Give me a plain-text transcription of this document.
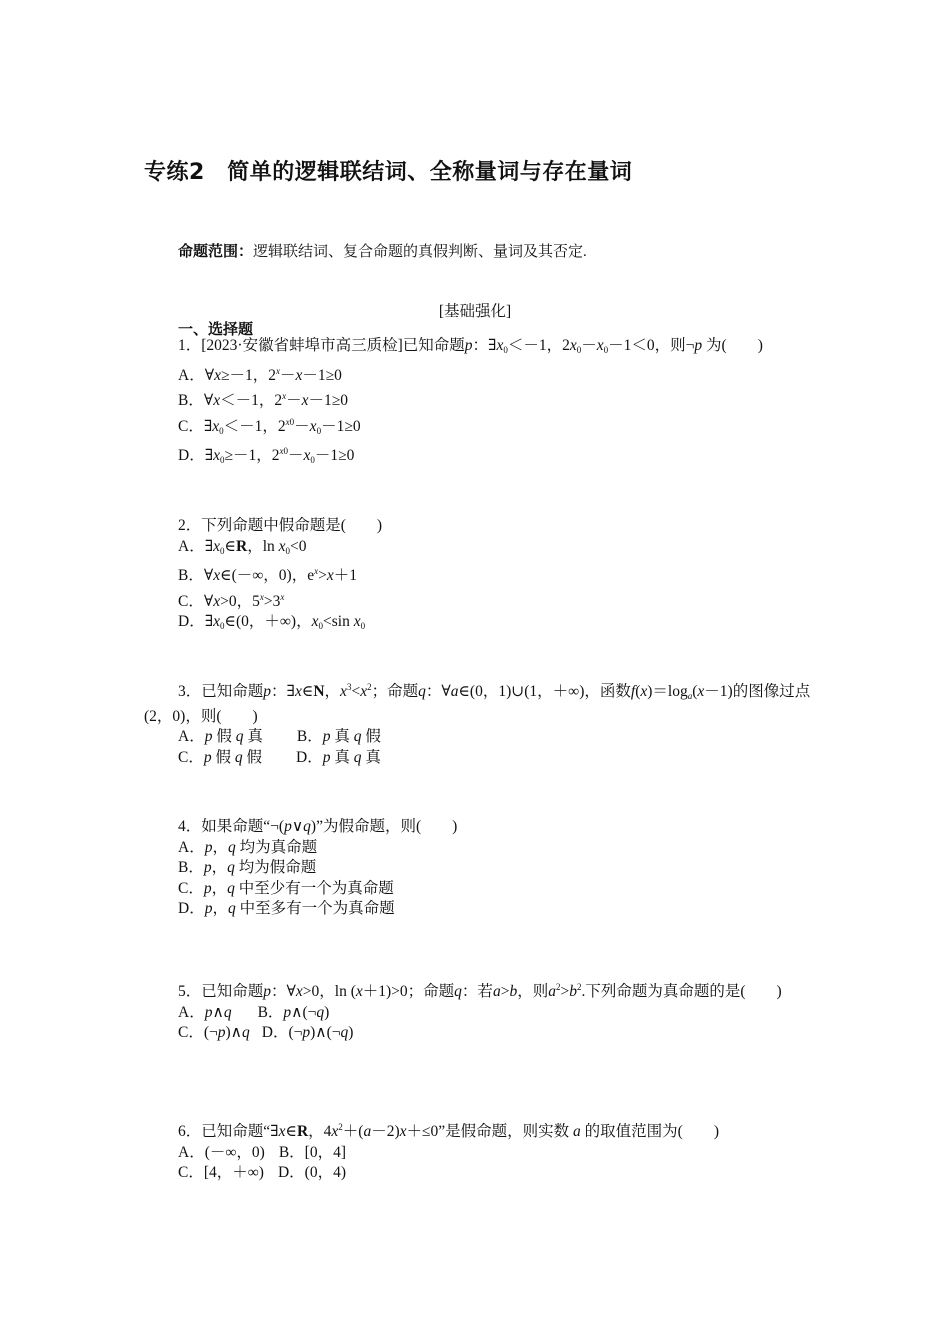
专练2　简单的逻辑联结词、全称量词与存在量词
命题范围：逻辑联结词、复合命题的真假判断、量词及其否定.
[基础强化]
一、选择题
1．[2023·安徽省蚌埠市高三质检]已知命题p：$\exists x_0<-1$，$2x_0-x_0-1<0$，则¬p 为(　　)
A．∀x≥－1，$2^x-x-1\ge 0$
B．∀x＜－1，$2^x-x-1\ge 0$
C．$\exists x_0<-1$，$2^{x0}-x_0-1\ge 0$
D．$\exists x_0\ge-1$，$2^{x0}-x_0-1\ge 0$
2．下列命题中假命题是(　　)
A．$\exists x_0\in R$，$\ln x_0<0$
B．∀x∈(－∞，0)，$e^x>x+1$
C．∀x>0，$5^x>3^x$
D．$\exists x_0\in(0$，＋∞)，$x_0<\sin$ $x_0$
3．已知命题p：∃x∈N，$x^3<x^2$；命题q：∀a∈(0，1)∪(1，＋∞)，函数$f(x)=\log_a(x-1)$的图像过点(2，0)，则(　　)
A．p 假 q 真 B．p 真 q 假
C．p 假 q 假 D．p 真 q 真
4．如果命题“¬(p∨q)”为假命题，则(　　)
A．p，q 均为真命题
B．p，q 均为假命题
C．p，q 中至少有一个为真命题
D．p，q 中至多有一个为真命题
5．已知命题p：∀x>0，ln (x＋1)>0；命题q：若a>b，则$a^2>b^2$.下列命题为真命题的是(　　)
A．p∧q B．p∧(¬q)
C．(¬p)∧q D．(¬p)∧(¬q)
6．已知命题“∃x∈R，$4x^2+(a-2)x+\le 0$”是假命题，则实数 a 的取值范围为(　　)
A．(－∞，0) B．[0，4]
C．[4，＋∞) D．(0，4)
